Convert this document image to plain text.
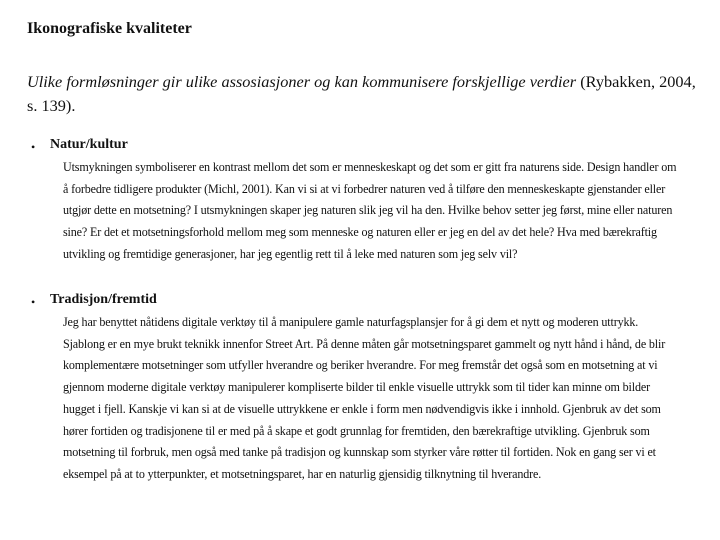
Ikonografiske kvaliteter
Ulike formløsninger gir ulike assosiasjoner og kan kommunisere forskjellige verdier (Rybakken, 2004, s. 139).
• Natur/kultur
Utsmykningen symboliserer en kontrast mellom det som er menneskeskapt og det som er gitt fra naturens side. Design handler om
å forbedre tidligere produkter (Michl, 2001). Kan vi si at vi forbedrer naturen ved å tilføre den menneskeskapte gjenstander eller
utgjør dette en motsetning? I utsmykningen skaper jeg naturen slik jeg vil ha den. Hvilke behov setter jeg først, mine eller naturen
sine? Er det et motsetningsforhold mellom meg som menneske og naturen eller er jeg en del av det hele? Hva med bærekraftig
utvikling og fremtidige generasjoner, har jeg egentlig rett til å leke med naturen som jeg selv vil?
• Tradisjon/fremtid
Jeg har benyttet nåtidens digitale verktøy til å manipulere gamle naturfagsplansjer for å gi dem et nytt og moderen uttrykk.
Sjablong er en mye brukt teknikk innenfor Street Art. På denne måten går motsetningsparet gammelt og nytt hånd i hånd, de blir
komplementære motsetninger som utfyller hverandre og beriker hverandre. For meg fremstår det også som en motsetning at vi
gjennom moderne digitale verktøy manipulerer kompliserte bilder til enkle visuelle uttrykk som til tider kan minne om bilder
hugget i fjell. Kanskje vi kan si at de visuelle uttrykkene er enkle i form men nødvendigvis ikke i innhold. Gjenbruk av det som
hører fortiden og tradisjonene til er med på å skape et godt grunnlag for fremtiden, den bærekraftige utvikling. Gjenbruk som
motsetning til forbruk, men også med tanke på tradisjon og kunnskap som styrker våre røtter til fortiden. Nok en gang ser vi et
eksempel på at to ytterpunkter, et motsetningsparet, har en naturlig gjensidig tilknytning til hverandre.
